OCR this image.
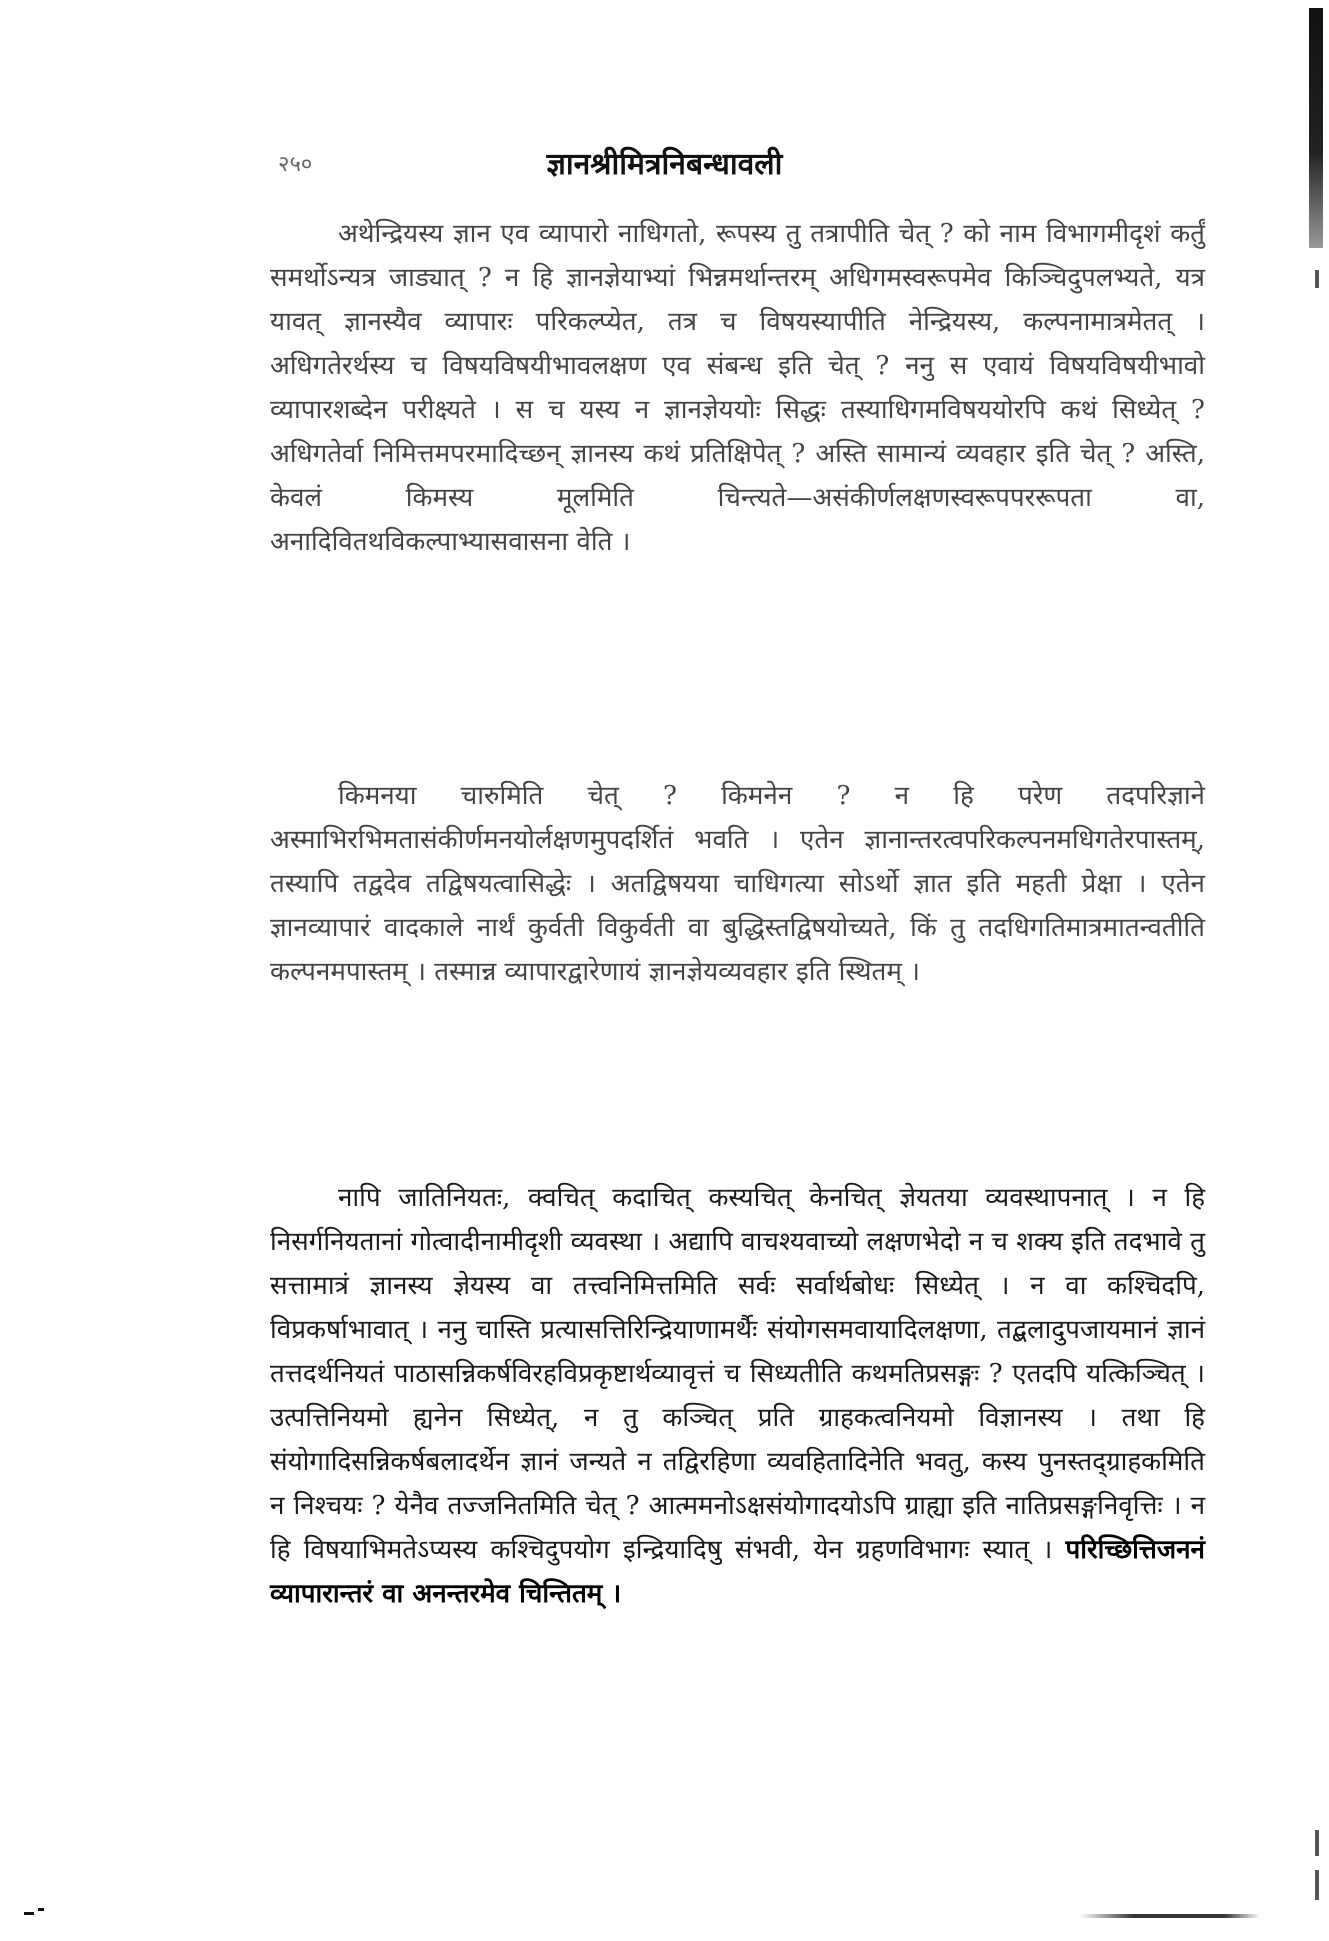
२५०	ज्ञानश्रीमित्रनिबन्धावली

अथेन्द्रियस्य ज्ञान एव व्यापारो नाधिगतो, रूपस्य तु तत्रापीति चेत् ? को नाम विभागमीदृशं कर्तुं समर्थोऽन्यत्र जाड्यात् ? न हि ज्ञानज्ञेयाभ्यां भिन्नमर्थान्तरम् अधिगमस्वरूपमेव किञ्चिदुपलभ्यते, यत्र यावत् ज्ञानस्यैव व्यापारः परिकल्प्येत, तत्र च विषयस्यापीति नेन्द्रियस्य, कल्पनामात्रमेतत् । अधिगतेरर्थस्य च विषयविषयीभावलक्षण एव संबन्ध इति चेत् ? ननु स एवायं विषयविषयीभावो व्यापारशब्देन परीक्ष्यते । स च यस्य न ज्ञानज्ञेययोः सिद्धः तस्याधिगमविषययोरपि कथं सिध्येत् ? अधिगतेर्वा निमित्तमपरमादिच्छन् ज्ञानस्य कथं प्रतिक्षिपेत् ? अस्ति सामान्यं व्यवहार इति चेत् ? अस्ति, केवलं किमस्य मूलमिति चिन्त्यते—असंकीर्णलक्षणस्वरूपपररूपता वा, अनादिवितथविकल्पाभ्यासवासना वेति ।

किमनया चारुमिति चेत् ? किमनेन ? न हि परेण तदपरिज्ञाने अस्माभिरभिमतासंकीर्णमनयोर्लक्षणमुपदर्शितं भवति । एतेन ज्ञानान्तरत्वपरिकल्पनमधिगतेरपास्तम्, तस्यापि तद्वदेव तद्विषयत्वासिद्धेः । अतद्विषयया चाधिगत्या सोऽर्थो ज्ञात इति महती प्रेक्षा । एतेन ज्ञानव्यापारं वादकाले नार्थं कुर्वती विकुर्वती वा बुद्धिस्तद्विषयोच्यते, किं तु तदधिगतिमात्रमातन्वतीति कल्पनमपास्तम् । तस्मान्न व्यापारद्वारेणायं ज्ञानज्ञेयव्यवहार इति स्थितम् ।

नापि जातिनियतः, क्वचित् कदाचित् कस्यचित् केनचित् ज्ञेयतया व्यवस्थापनात् । न हि निसर्गनियतानां गोत्वादीनामीदृशी व्यवस्था । अद्यापि वाचश्यवाच्यो लक्षणभेदो न च शक्य इति तदभावे तु सत्तामात्रं ज्ञानस्य ज्ञेयस्य वा तत्त्वनिमित्तमिति सर्वः सर्वार्थबोधः सिध्येत् । न वा कश्चिदपि, विप्रकर्षाभावात् । ननु चास्ति प्रत्यासत्तिरिन्द्रियाणामर्थैः संयोगसमवायादिलक्षणा, तद्बलादुपजायमानं ज्ञानं तत्तदर्थनियतं पाठासन्निकर्षविरहविप्रकृष्टार्थव्यावृत्तं च सिध्यतीति कथमतिप्रसङ्गः ? एतदपि यत्किञ्चित् । उत्पत्तिनियमो ह्यनेन सिध्येत्, न तु कञ्चित् प्रति ग्राहकत्वनियमो विज्ञानस्य । तथा हि संयोगादिसन्निकर्षबलादर्थेन ज्ञानं जन्यते न तद्विरहिणा व्यवहितादिनेति भवतु, कस्य पुनस्तद्ग्राहकमिति न निश्चयः ? येनैव तज्जनितमिति चेत् ? आत्ममनोऽक्षसंयोगादयोऽपि ग्राह्या इति नातिप्रसङ्गनिवृत्तिः । न हि विषयाभिमतेऽप्यस्य कश्चिदुपयोग इन्द्रियादिषु संभवी, येन ग्रहणविभागः स्यात् । परिच्छित्तिजननं व्यापारान्तरं वा अनन्तरमेव चिन्तितम् ।
